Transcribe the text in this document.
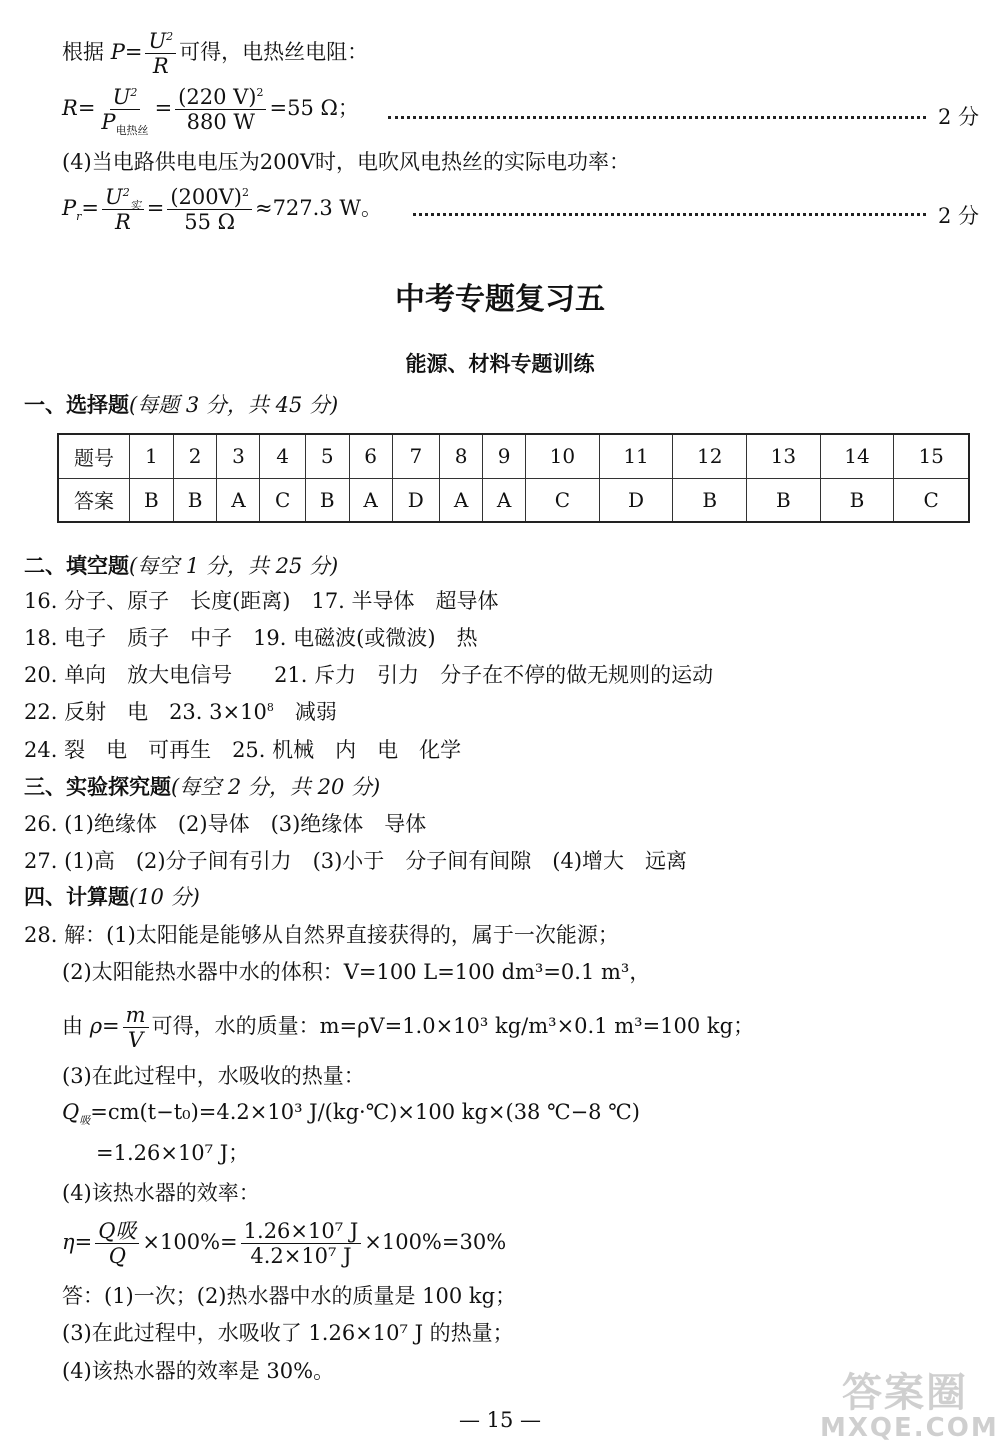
根据 $P= \frac{U^2}{R}$ 可得，电热丝电阻：
$R= \frac{U^2}{P_{电热丝}} = \frac{(220 V)^2}{880 W} =55$ Ω；	2 分
(4)当电路供电电压为200V时，电吹风电热丝的实际电功率：
$P_r= \frac{U^2_实}{R} = \frac{(200V)^2}{55 \Omega} \approx 727.3$ W。	2 分
中考专题复习五
能源、材料专题训练
一、选择题(每题 3 分，共 45 分)
题号	1	2	3	4	5	6	7	8	9	10	11	12	13	14	15
答案	B	B	A	C	B	A	D	A	A	C	D	B	B	B	C
二、填空题(每空 1 分，共 25 分)
16. 分子、原子　长度(距离)　17. 半导体　超导体
18. 电子　质子　中子　19. 电磁波(或微波)　热
20. 单向　放大电信号　　21. 斥力　引力　分子在不停的做无规则的运动
22. 反射　电　23. $3\times 10^8$　减弱
24. 裂　电　可再生　25. 机械　内　电　化学
三、实验探究题(每空 2 分，共 20 分)
26. (1)绝缘体　(2)导体　(3)绝缘体　导体
27. (1)高　(2)分子间有引力　(3)小于　分子间有间隙　(4)增大　远离
四、计算题(10 分)
28. 解：(1)太阳能是能够从自然界直接获得的，属于一次能源；
(2)太阳能热水器中水的体积：V=100 L=100 dm³=0.1 m³，
由 $\rho= \frac{m}{V}$ 可得，水的质量：m=ρV=1.0×10³ kg/m³×0.1 m³=100 kg；
(3)在此过程中，水吸收的热量：
$Q_吸=cm(t-t_0)=4.2\times 10^3$ J/(kg·℃)×100 kg×(38 ℃−8 ℃)
=1.26×10⁷ J；
(4)该热水器的效率：
$\eta= \frac{\text{Q吸}}{Q} \times 100\%= \frac{\text{1.26×10⁷ J}}{\text{4.2×10⁷ J}} \times 100\%=30\%$
答：(1)一次；(2)热水器中水的质量是 100 kg；
(3)在此过程中，水吸收了 1.26×10⁷ J 的热量；
(4)该热水器的效率是 30%。
— 15 —
答案圈
MXQE.COM
